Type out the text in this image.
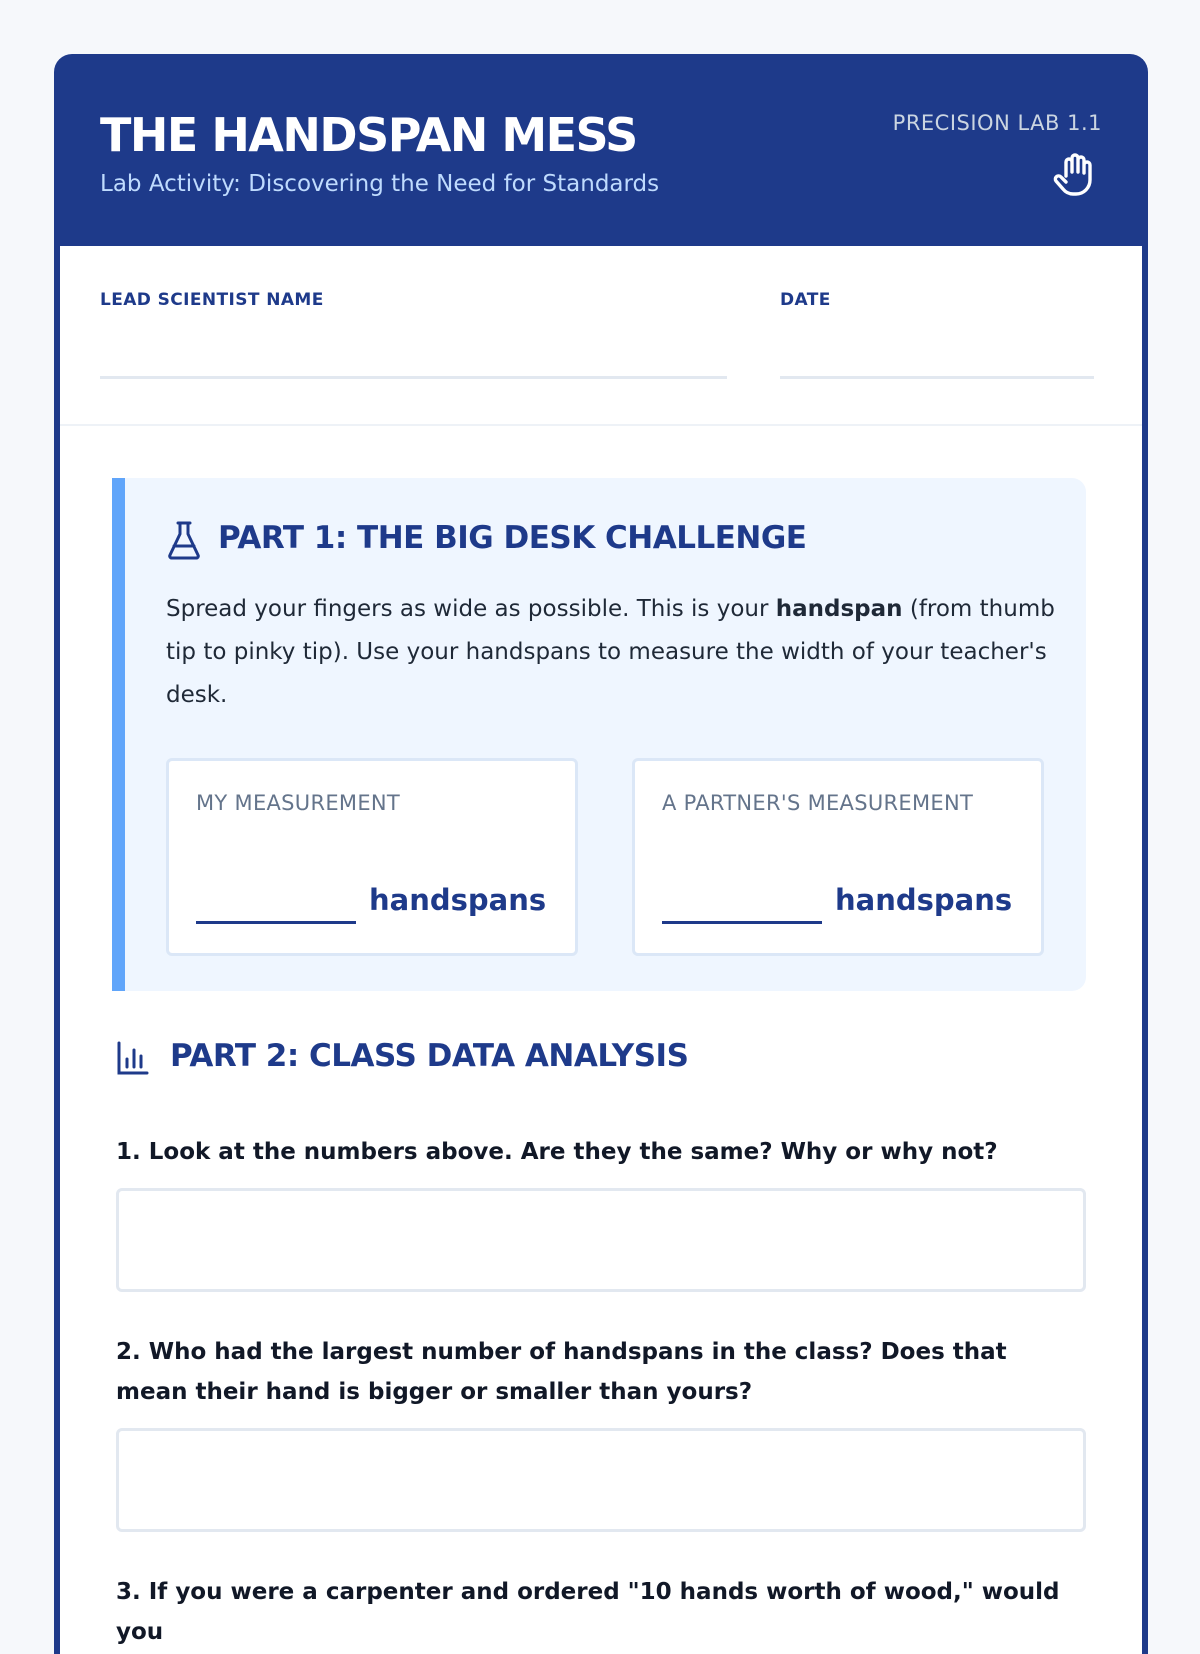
THE HANDSPAN MESS
Lab Activity: Discovering the Need for Standards
PRECISION LAB 1.1
LEAD SCIENTIST NAME	DATE
PART 1: THE BIG DESK CHALLENGE
Spread your fingers as wide as possible. This is your handspan (from thumb tip to pinky tip). Use your handspans to measure the width of your teacher's desk.
MY MEASUREMENT
handspans
A PARTNER'S MEASUREMENT
handspans
PART 2: CLASS DATA ANALYSIS
1. Look at the numbers above. Are they the same? Why or why not?
2. Who had the largest number of handspans in the class? Does that mean their hand is bigger or smaller than yours?
3. If you were a carpenter and ordered "10 hands worth of wood," would you
